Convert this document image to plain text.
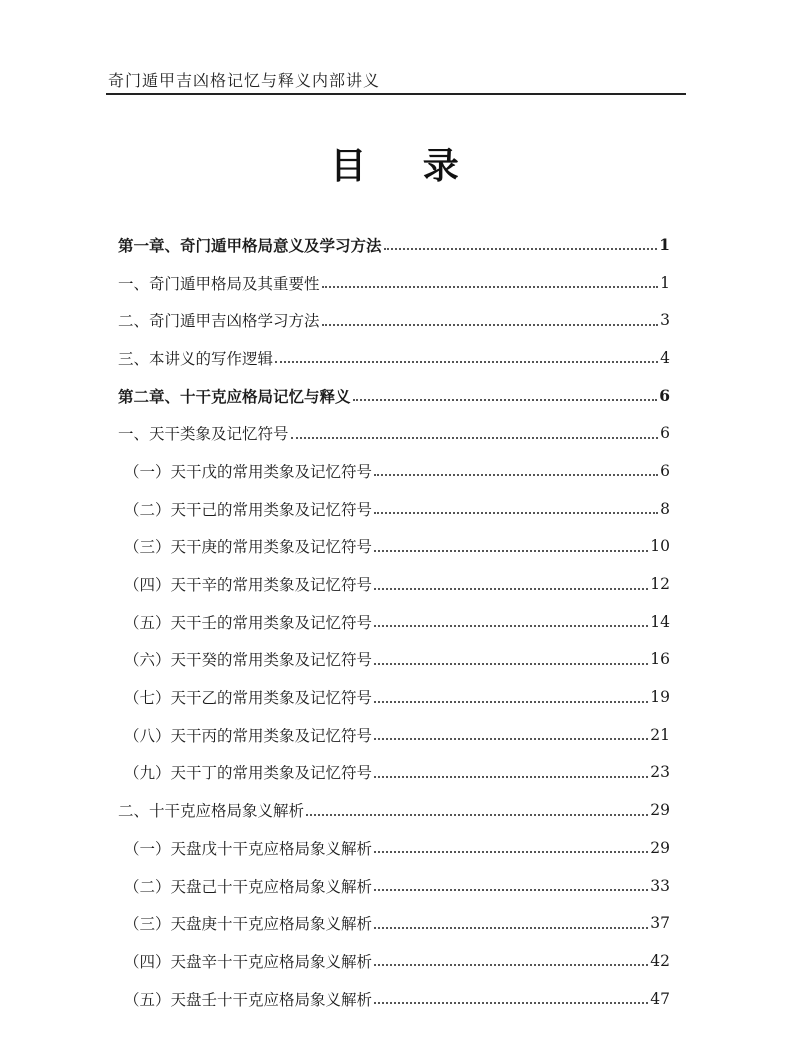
奇门遁甲吉凶格记忆与释义内部讲义
目 录
第一章、奇门遁甲格局意义及学习方法	1
一、奇门遁甲格局及其重要性	1
二、奇门遁甲吉凶格学习方法	3
三、本讲义的写作逻辑	4
第二章、十干克应格局记忆与释义	6
一、天干类象及记忆符号	6
（一）天干戊的常用类象及记忆符号	6
（二）天干己的常用类象及记忆符号	8
（三）天干庚的常用类象及记忆符号	10
（四）天干辛的常用类象及记忆符号	12
（五）天干壬的常用类象及记忆符号	14
（六）天干癸的常用类象及记忆符号	16
（七）天干乙的常用类象及记忆符号	19
（八）天干丙的常用类象及记忆符号	21
（九）天干丁的常用类象及记忆符号	23
二、十干克应格局象义解析	29
（一）天盘戊十干克应格局象义解析	29
（二）天盘己十干克应格局象义解析	33
（三）天盘庚十干克应格局象义解析	37
（四）天盘辛十干克应格局象义解析	42
（五）天盘壬十干克应格局象义解析	47
